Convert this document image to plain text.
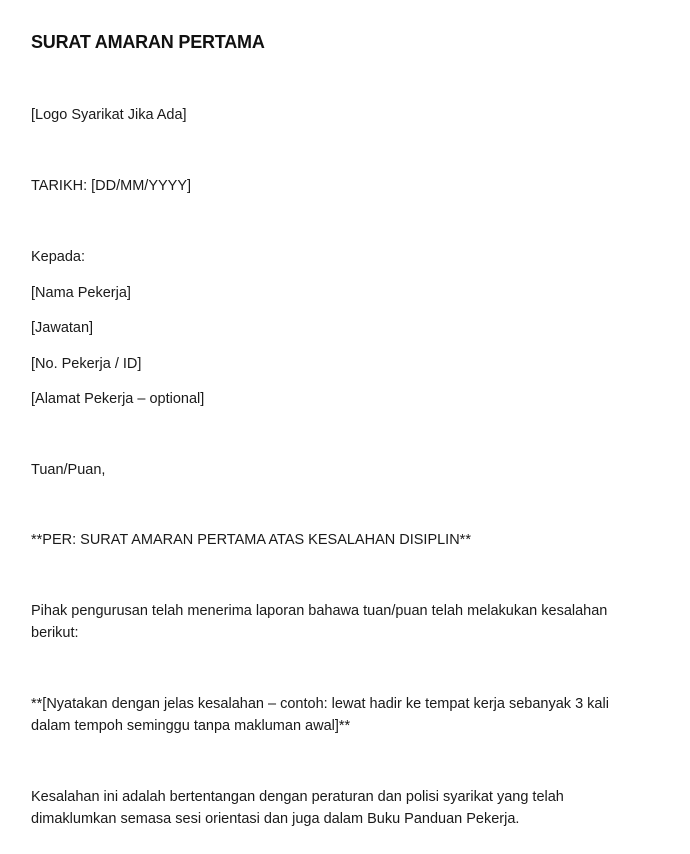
SURAT AMARAN PERTAMA
[Logo Syarikat Jika Ada]
TARIKH: [DD/MM/YYYY]
Kepada:
[Nama Pekerja]
[Jawatan]
[No. Pekerja / ID]
[Alamat Pekerja – optional]
Tuan/Puan,
**PER: SURAT AMARAN PERTAMA ATAS KESALAHAN DISIPLIN**
Pihak pengurusan telah menerima laporan bahawa tuan/puan telah melakukan kesalahan berikut:
**[Nyatakan dengan jelas kesalahan – contoh: lewat hadir ke tempat kerja sebanyak 3 kali dalam tempoh seminggu tanpa makluman awal]**
Kesalahan ini adalah bertentangan dengan peraturan dan polisi syarikat yang telah dimaklumkan semasa sesi orientasi dan juga dalam Buku Panduan Pekerja.
